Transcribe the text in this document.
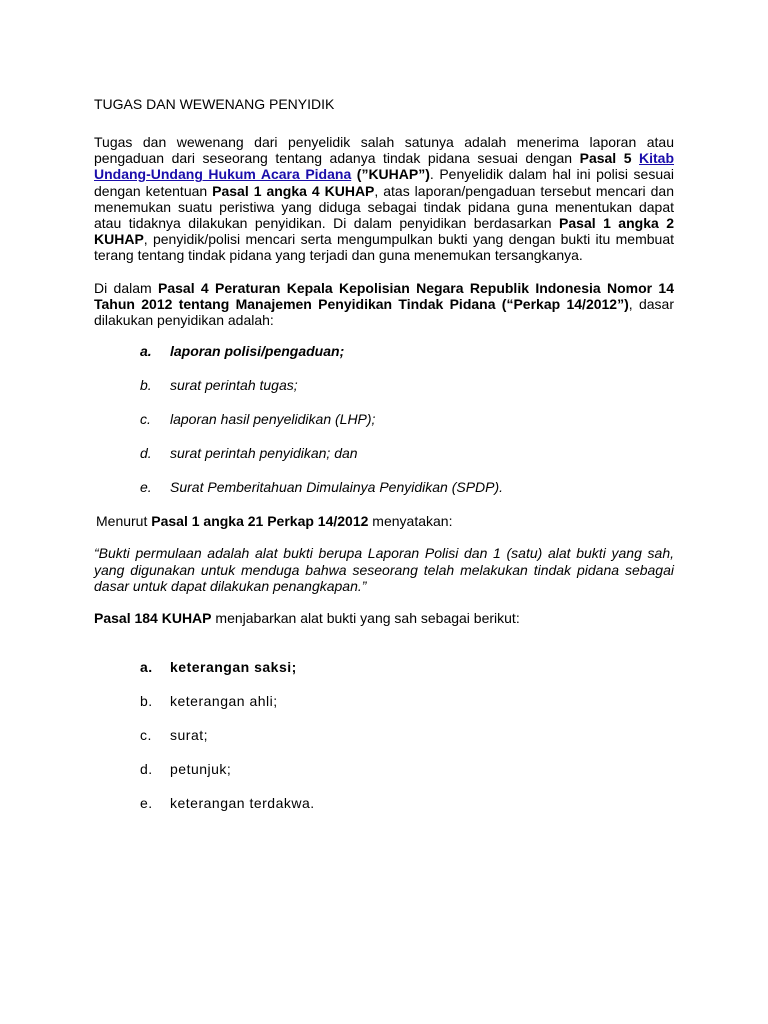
TUGAS DAN WEWENANG PENYIDIK

Tugas dan wewenang dari penyelidik salah satunya adalah menerima laporan atau pengaduan dari seseorang tentang adanya tindak pidana sesuai dengan Pasal 5 Kitab Undang-Undang Hukum Acara Pidana (”KUHAP”). Penyelidik dalam hal ini polisi sesuai dengan ketentuan Pasal 1 angka 4 KUHAP, atas laporan/pengaduan tersebut mencari dan menemukan suatu peristiwa yang diduga sebagai tindak pidana guna menentukan dapat atau tidaknya dilakukan penyidikan. Di dalam penyidikan berdasarkan Pasal 1 angka 2 KUHAP, penyidik/polisi mencari serta mengumpulkan bukti yang dengan bukti itu membuat terang tentang tindak pidana yang terjadi dan guna menemukan tersangkanya.

Di dalam Pasal 4 Peraturan Kepala Kepolisian Negara Republik Indonesia Nomor 14 Tahun 2012 tentang Manajemen Penyidikan Tindak Pidana (“Perkap 14/2012”), dasar dilakukan penyidikan adalah:

a. laporan polisi/pengaduan;
b. surat perintah tugas;
c. laporan hasil penyelidikan (LHP);
d. surat perintah penyidikan; dan
e. Surat Pemberitahuan Dimulainya Penyidikan (SPDP).

Menurut Pasal 1 angka 21 Perkap 14/2012 menyatakan:

“Bukti permulaan adalah alat bukti berupa Laporan Polisi dan 1 (satu) alat bukti yang sah, yang digunakan untuk menduga bahwa seseorang telah melakukan tindak pidana sebagai dasar untuk dapat dilakukan penangkapan.”

Pasal 184 KUHAP menjabarkan alat bukti yang sah sebagai berikut:

a. keterangan saksi;
b. keterangan ahli;
c. surat;
d. petunjuk;
e. keterangan terdakwa.
